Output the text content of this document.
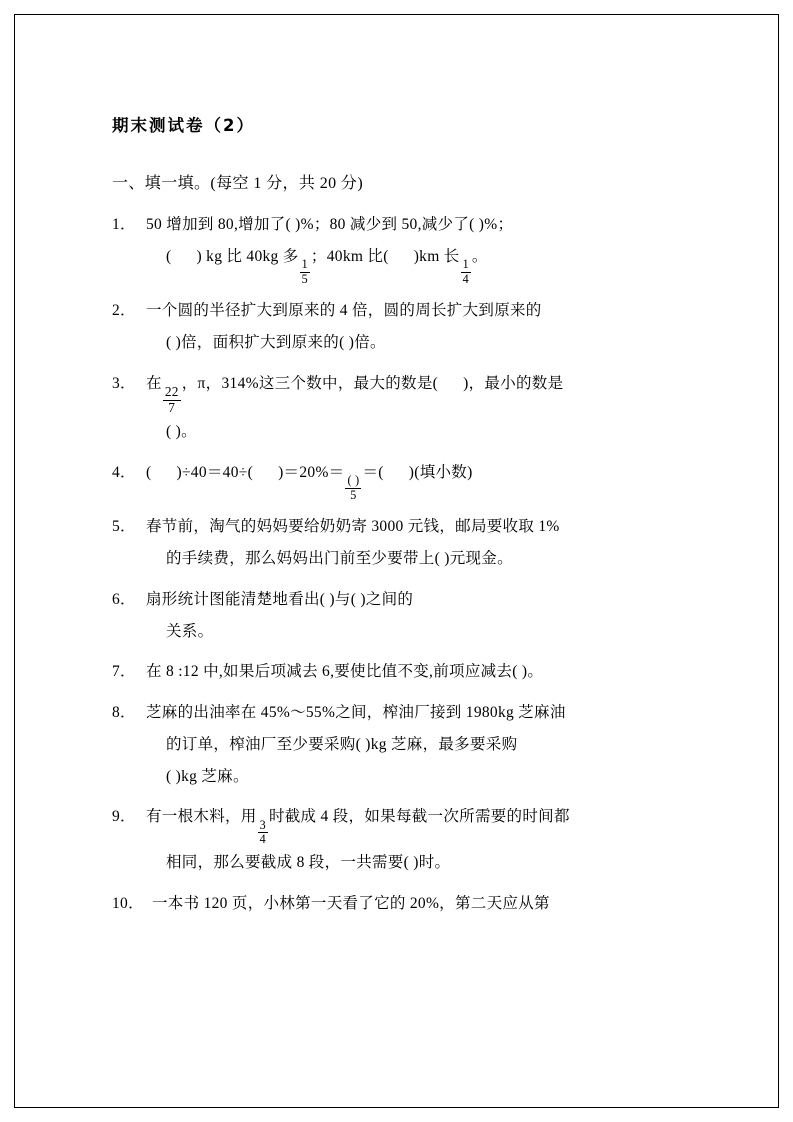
期末测试卷（2）
一、填一填。(每空 1 分，共 20 分)
1． 50 增加到 80,增加了( )%；80 减少到 50,减少了( )%；
(      ) kg 比 40kg 多
$\frac{1}{5}$
；40km 比(      )km 长
$\frac{1}{4}$
。
2． 一个圆的半径扩大到原来的 4 倍，圆的周长扩大到原来的
( )倍，面积扩大到原来的( )倍。
3． 在
$\frac{22}{7}$
，π，314%这三个数中，最大的数是(      )，最小的数是
( )。
4． (      )÷40＝40÷(      )＝20%＝
$\frac{( )}{5}$
＝(      )(填小数)
5． 春节前，淘气的妈妈要给奶奶寄 3000 元钱，邮局要收取 1%
的手续费，那么妈妈出门前至少要带上( )元现金。
6． 扇形统计图能清楚地看出( )与( )之间的
关系。
7． 在 8 :12 中,如果后项减去 6,要使比值不变,前项应减去( )。
8． 芝麻的出油率在 45%～55%之间，榨油厂接到 1980kg 芝麻油
的订单，榨油厂至少要采购( )kg 芝麻，最多要采购
( )kg 芝麻。
9． 有一根木料，用
$\frac{3}{4}$
时截成 4 段，如果每截一次所需要的时间都
相同，那么要截成 8 段，一共需要( )时。
10． 一本书 120 页，小林第一天看了它的 20%，第二天应从第
